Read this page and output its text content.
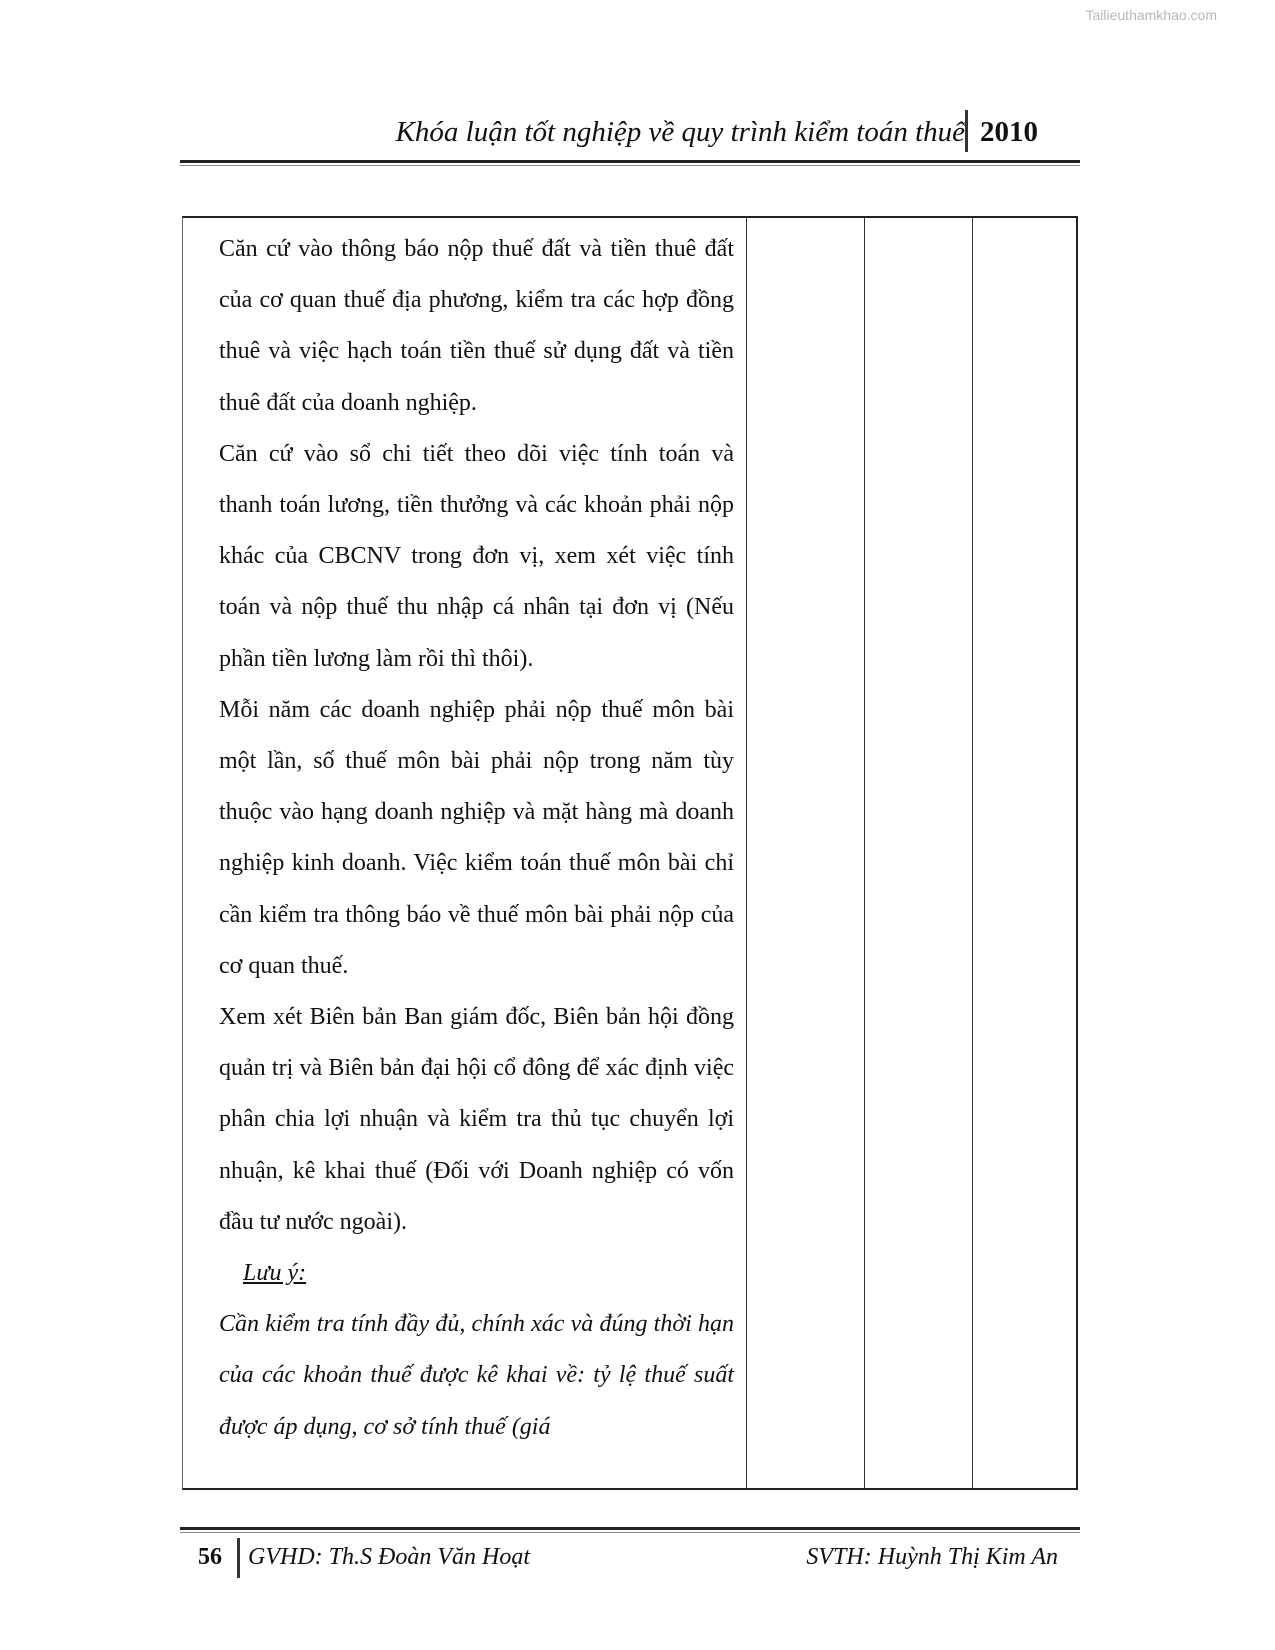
Tailieuthamkhao.com
Khóa luận tốt nghiệp về quy trình kiểm toán thuế 2010

Căn cứ vào thông báo nộp thuế đất và tiền thuê đất của cơ quan thuế địa phương, kiểm tra các hợp đồng thuê và việc hạch toán tiền thuế sử dụng đất và tiền thuê đất của doanh nghiệp.

Căn cứ vào sổ chi tiết theo dõi việc tính toán và thanh toán lương, tiền thưởng và các khoản phải nộp khác của CBCNV trong đơn vị, xem xét việc tính toán và nộp thuế thu nhập cá nhân tại đơn vị (Nếu phần tiền lương làm rồi thì thôi).

Mỗi năm các doanh nghiệp phải nộp thuế môn bài một lần, số thuế môn bài phải nộp trong năm tùy thuộc vào hạng doanh nghiệp và mặt hàng mà doanh nghiệp kinh doanh. Việc kiểm toán thuế môn bài chỉ cần kiểm tra thông báo về thuế môn bài phải nộp của cơ quan thuế.

Xem xét Biên bản Ban giám đốc, Biên bản hội đồng quản trị và Biên bản đại hội cổ đông để xác định việc phân chia lợi nhuận và kiểm tra thủ tục chuyển lợi nhuận, kê khai thuế (Đối với Doanh nghiệp có vốn đầu tư nước ngoài).

Lưu ý:

Cần kiểm tra tính đầy đủ, chính xác và đúng thời hạn của các khoản thuế được kê khai về: tỷ lệ thuế suất được áp dụng, cơ sở tính thuế (giá

56 GVHD: Th.S Đoàn Văn Hoạt	SVTH: Huỳnh Thị Kim An
